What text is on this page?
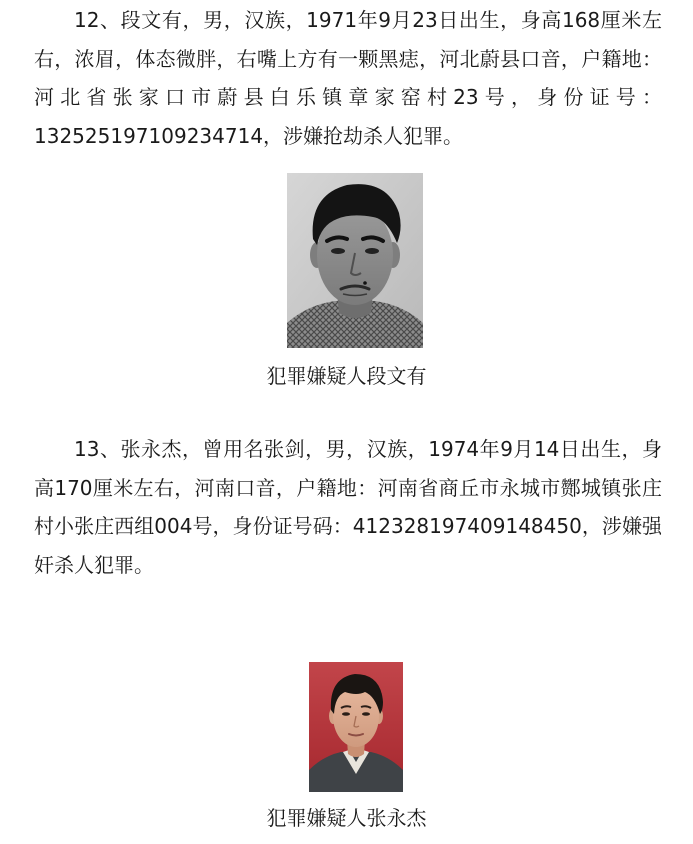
12、段文有，男，汉族，1971年9月23日出生，身高168厘米左右，浓眉，体态微胖，右嘴上方有一颗黑痣，河北蔚县口音，户籍地：河北省张家口市蔚县白乐镇章家窑村23号，身份证号：132525197109234714，涉嫌抢劫杀人犯罪。

犯罪嫌疑人段文有

13、张永杰，曾用名张剑，男，汉族，1974年9月14日出生，身高170厘米左右，河南口音，户籍地：河南省商丘市永城市酂城镇张庄村小张庄西组004号，身份证号码：412328197409148450，涉嫌强奸杀人犯罪。

犯罪嫌疑人张永杰
